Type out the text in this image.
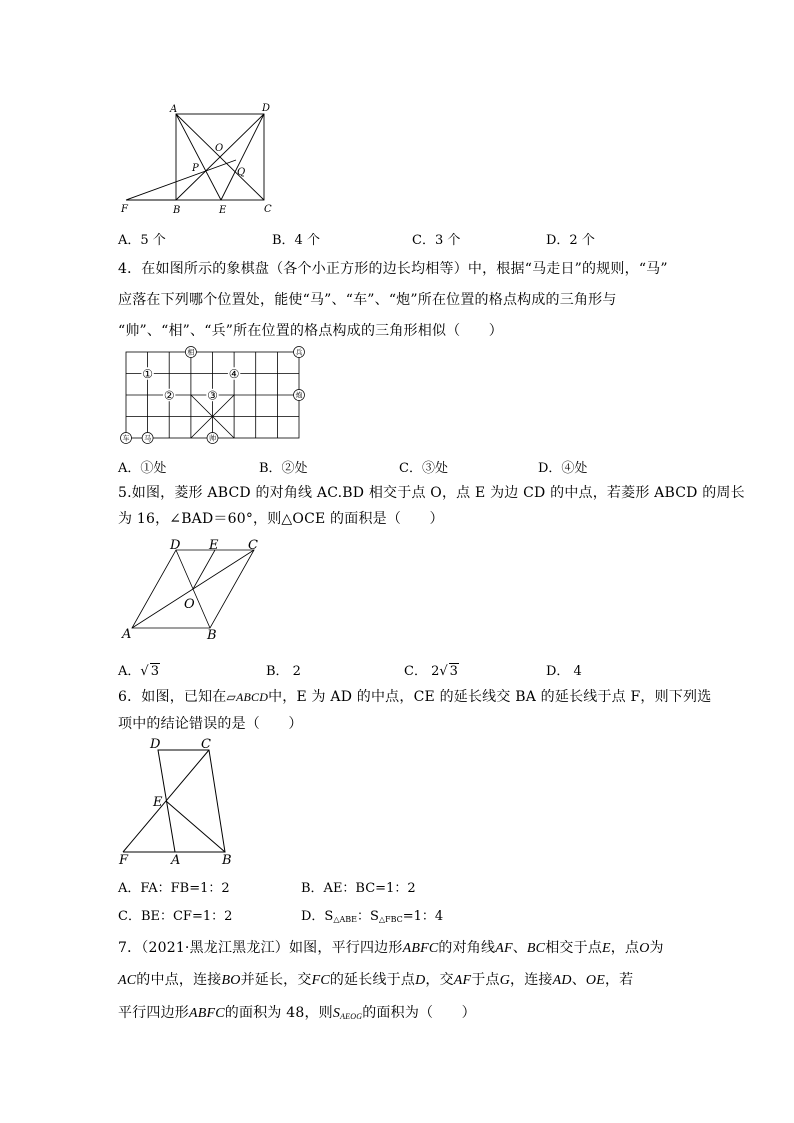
A	D
O
P	Q
F	B	E	C
A．5 个	B．4 个	C．3 个	D．2 个
4．在如图所示的象棋盘（各个小正方形的边长均相等）中，根据“马走日”的规则，“马”
应落在下列哪个位置处，能使“马”、“车”、“炮”所在位置的格点构成的三角形与
“帅”、“相”、“兵”所在位置的格点构成的三角形相似（　　）
相	兵
炮
车 马	帅
①
②	③
④
A．①处	B．②处	C．③处	D．④处
5.如图，菱形 ABCD 的对角线 AC.BD 相交于点 O，点 E 为边 CD 的中点，若菱形 ABCD 的周长
为 16，∠BAD＝60°，则△OCE 的面积是（　　）
D E C
O
A	B
A．√ 3	B． 2	C． 2√ 3	D． 4
6．如图，已知在▱ABCD中，E 为 AD 的中点，CE 的延长线交 BA 的延长线于点 F，则下列选
项中的结论错误的是（　　）
D	C
E
F	A	B
A．FA：FB=1：2	B．AE：BC=1：2
C．BE：CF=1：2	D．$S_{\triangle ABE}$：$S_{\triangle FBC}=1$：4
7．（2021·黑龙江黑龙江）如图，平行四边形ABFC的对角线AF、BC相交于点E，点O为
AC的中点，连接BO并延长，交FC的延长线于点D，交AF于点G，连接AD、OE，若
平行四边形ABFC的面积为 48，则$S_{AEOG}$的面积为（　　）
